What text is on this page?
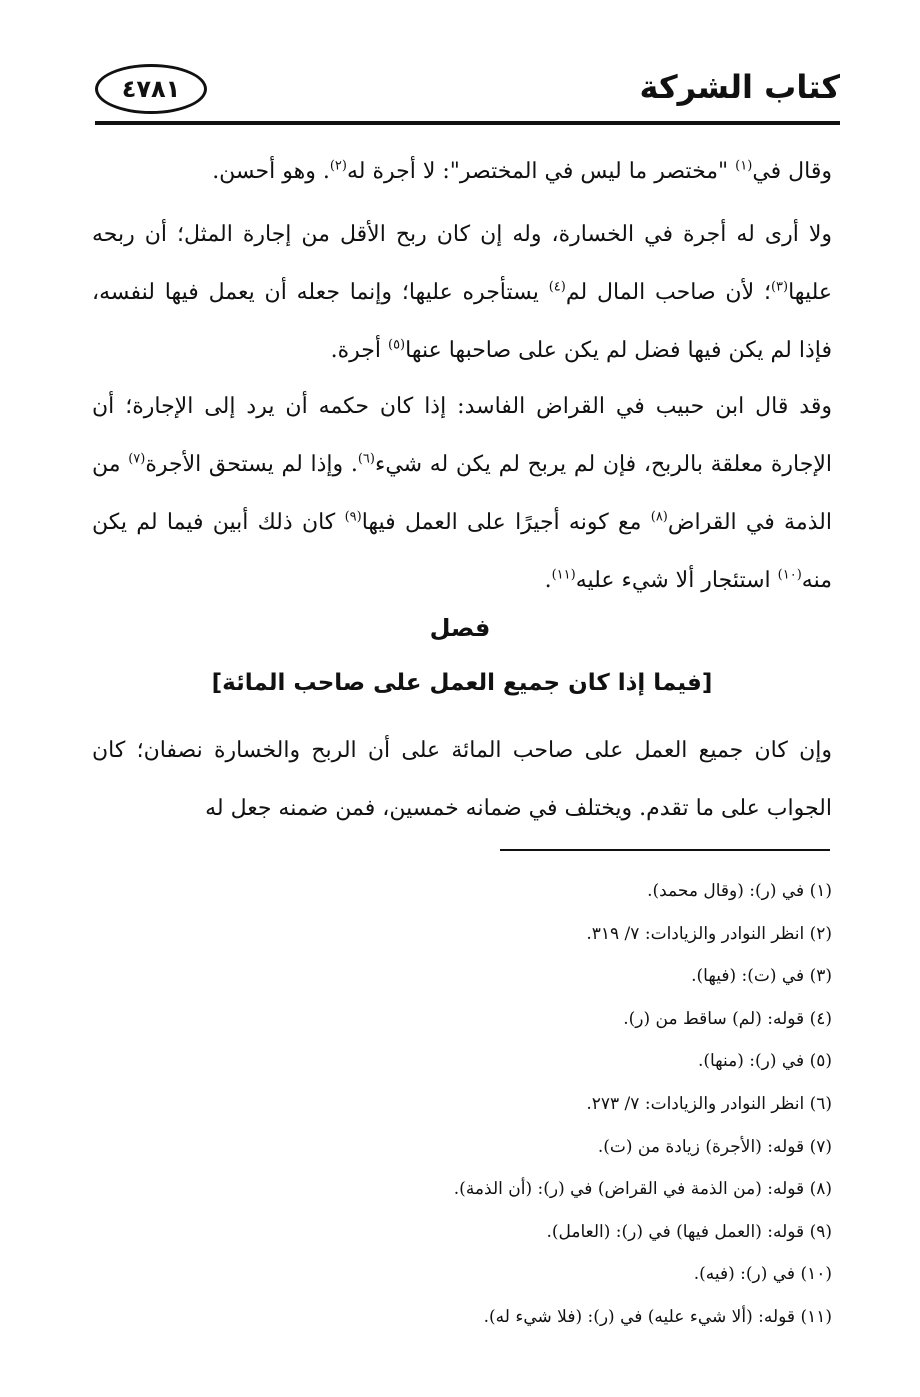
كتاب الشركة
٤٧٨١

وقال في$^{(١)}$ "مختصر ما ليس في المختصر": لا أجرة له$^{(٢)}$. وهو أحسن.

ولا أرى له أجرة في الخسارة، وله إن كان ربح الأقل من إجارة المثل؛ أن ربحه عليها$^{(٣)}$؛ لأن صاحب المال لم$^{(٤)}$ يستأجره عليها؛ وإنما جعله أن يعمل فيها لنفسه، فإذا لم يكن فيها فضل لم يكن على صاحبها عنها$^{(٥)}$ أجرة.

وقد قال ابن حبيب في القراض الفاسد: إذا كان حكمه أن يرد إلى الإجارة؛ أن الإجارة معلقة بالربح، فإن لم يربح لم يكن له شيء$^{(٦)}$. وإذا لم يستحق الأجرة$^{(٧)}$ من الذمة في القراض$^{(٨)}$ مع كونه أجيرًا على العمل فيها$^{(٩)}$ كان ذلك أبين فيما لم يكن منه$^{(١٠)}$ استئجار ألا شيء عليه$^{(١١)}$.

فصل
[فيما إذا كان جميع العمل على صاحب المائة]

وإن كان جميع العمل على صاحب المائة على أن الربح والخسارة نصفان؛ كان الجواب على ما تقدم. ويختلف في ضمانه خمسين، فمن ضمنه جعل له

(١) في (ر): (وقال محمد).
(٢) انظر النوادر والزيادات: ٧/ ٣١٩.
(٣) في (ت): (فيها).
(٤) قوله: (لم) ساقط من (ر).
(٥) في (ر): (منها).
(٦) انظر النوادر والزيادات: ٧/ ٢٧٣.
(٧) قوله: (الأجرة) زيادة من (ت).
(٨) قوله: (من الذمة في القراض) في (ر): (أن الذمة).
(٩) قوله: (العمل فيها) في (ر): (العامل).
(١٠) في (ر): (فيه).
(١١) قوله: (ألا شيء عليه) في (ر): (فلا شيء له).
